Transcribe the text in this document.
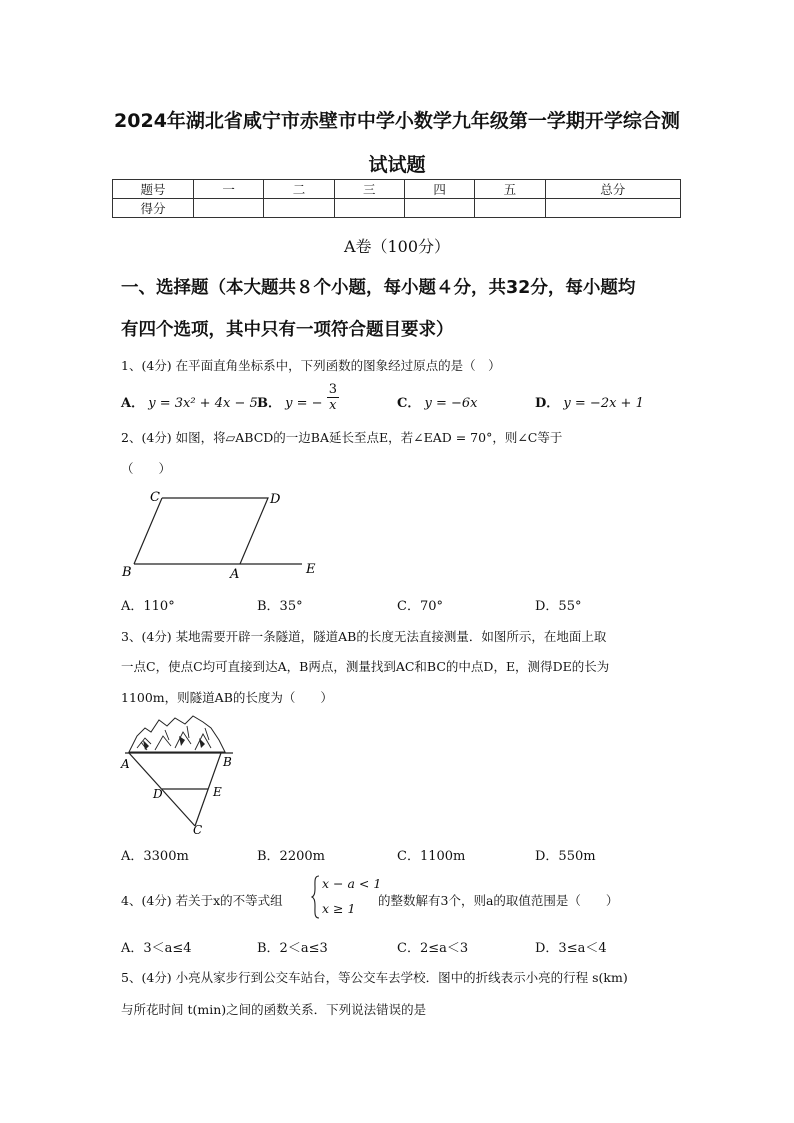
2024年湖北省咸宁市赤壁市中学小数学九年级第一学期开学综合测
试试题
题号	一	二	三	四	五	总分
得分						
A卷（100分）
一、选择题（本大题共８个小题，每小题４分，共32分，每小题均
有四个选项，其中只有一项符合题目要求）
1、(4分) 在平面直角坐标系中，下列函数的图象经过原点的是（　）
A． y = 3x² + 4x − 5 B． y = − $\frac{3}{x}$	C． y = −6x	D． y = −2x + 1
2、(4分) 如图，将▱ABCD的一边BA延长至点E，若∠EAD = 70°，则∠C等于
（　　）
C	D
B	A	E
A．110°	B．35°	C．70°	D．55°
3、(4分) 某地需要开辟一条隧道，隧道AB的长度无法直接测量．如图所示，在地面上取
一点C，使点C均可直接到达A，B两点，测量找到AC和BC的中点D，E，测得DE的长为
1100m，则隧道AB的长度为（　　）
A	B
C
D	E
A．3300m	B．2200m	C．1100m	D．550m
4、(4分) 若关于x的不等式组
x − a < 1
x ≥ 1
的整数解有3个，则a的取值范围是（　　）
A．3＜a≤4	B．2＜a≤3	C．2≤a＜3	D．3≤a＜4
5、(4分) 小亮从家步行到公交车站台，等公交车去学校．图中的折线表示小亮的行程 s(km)
与所花时间 t(min)之间的函数关系．下列说法错误的是
